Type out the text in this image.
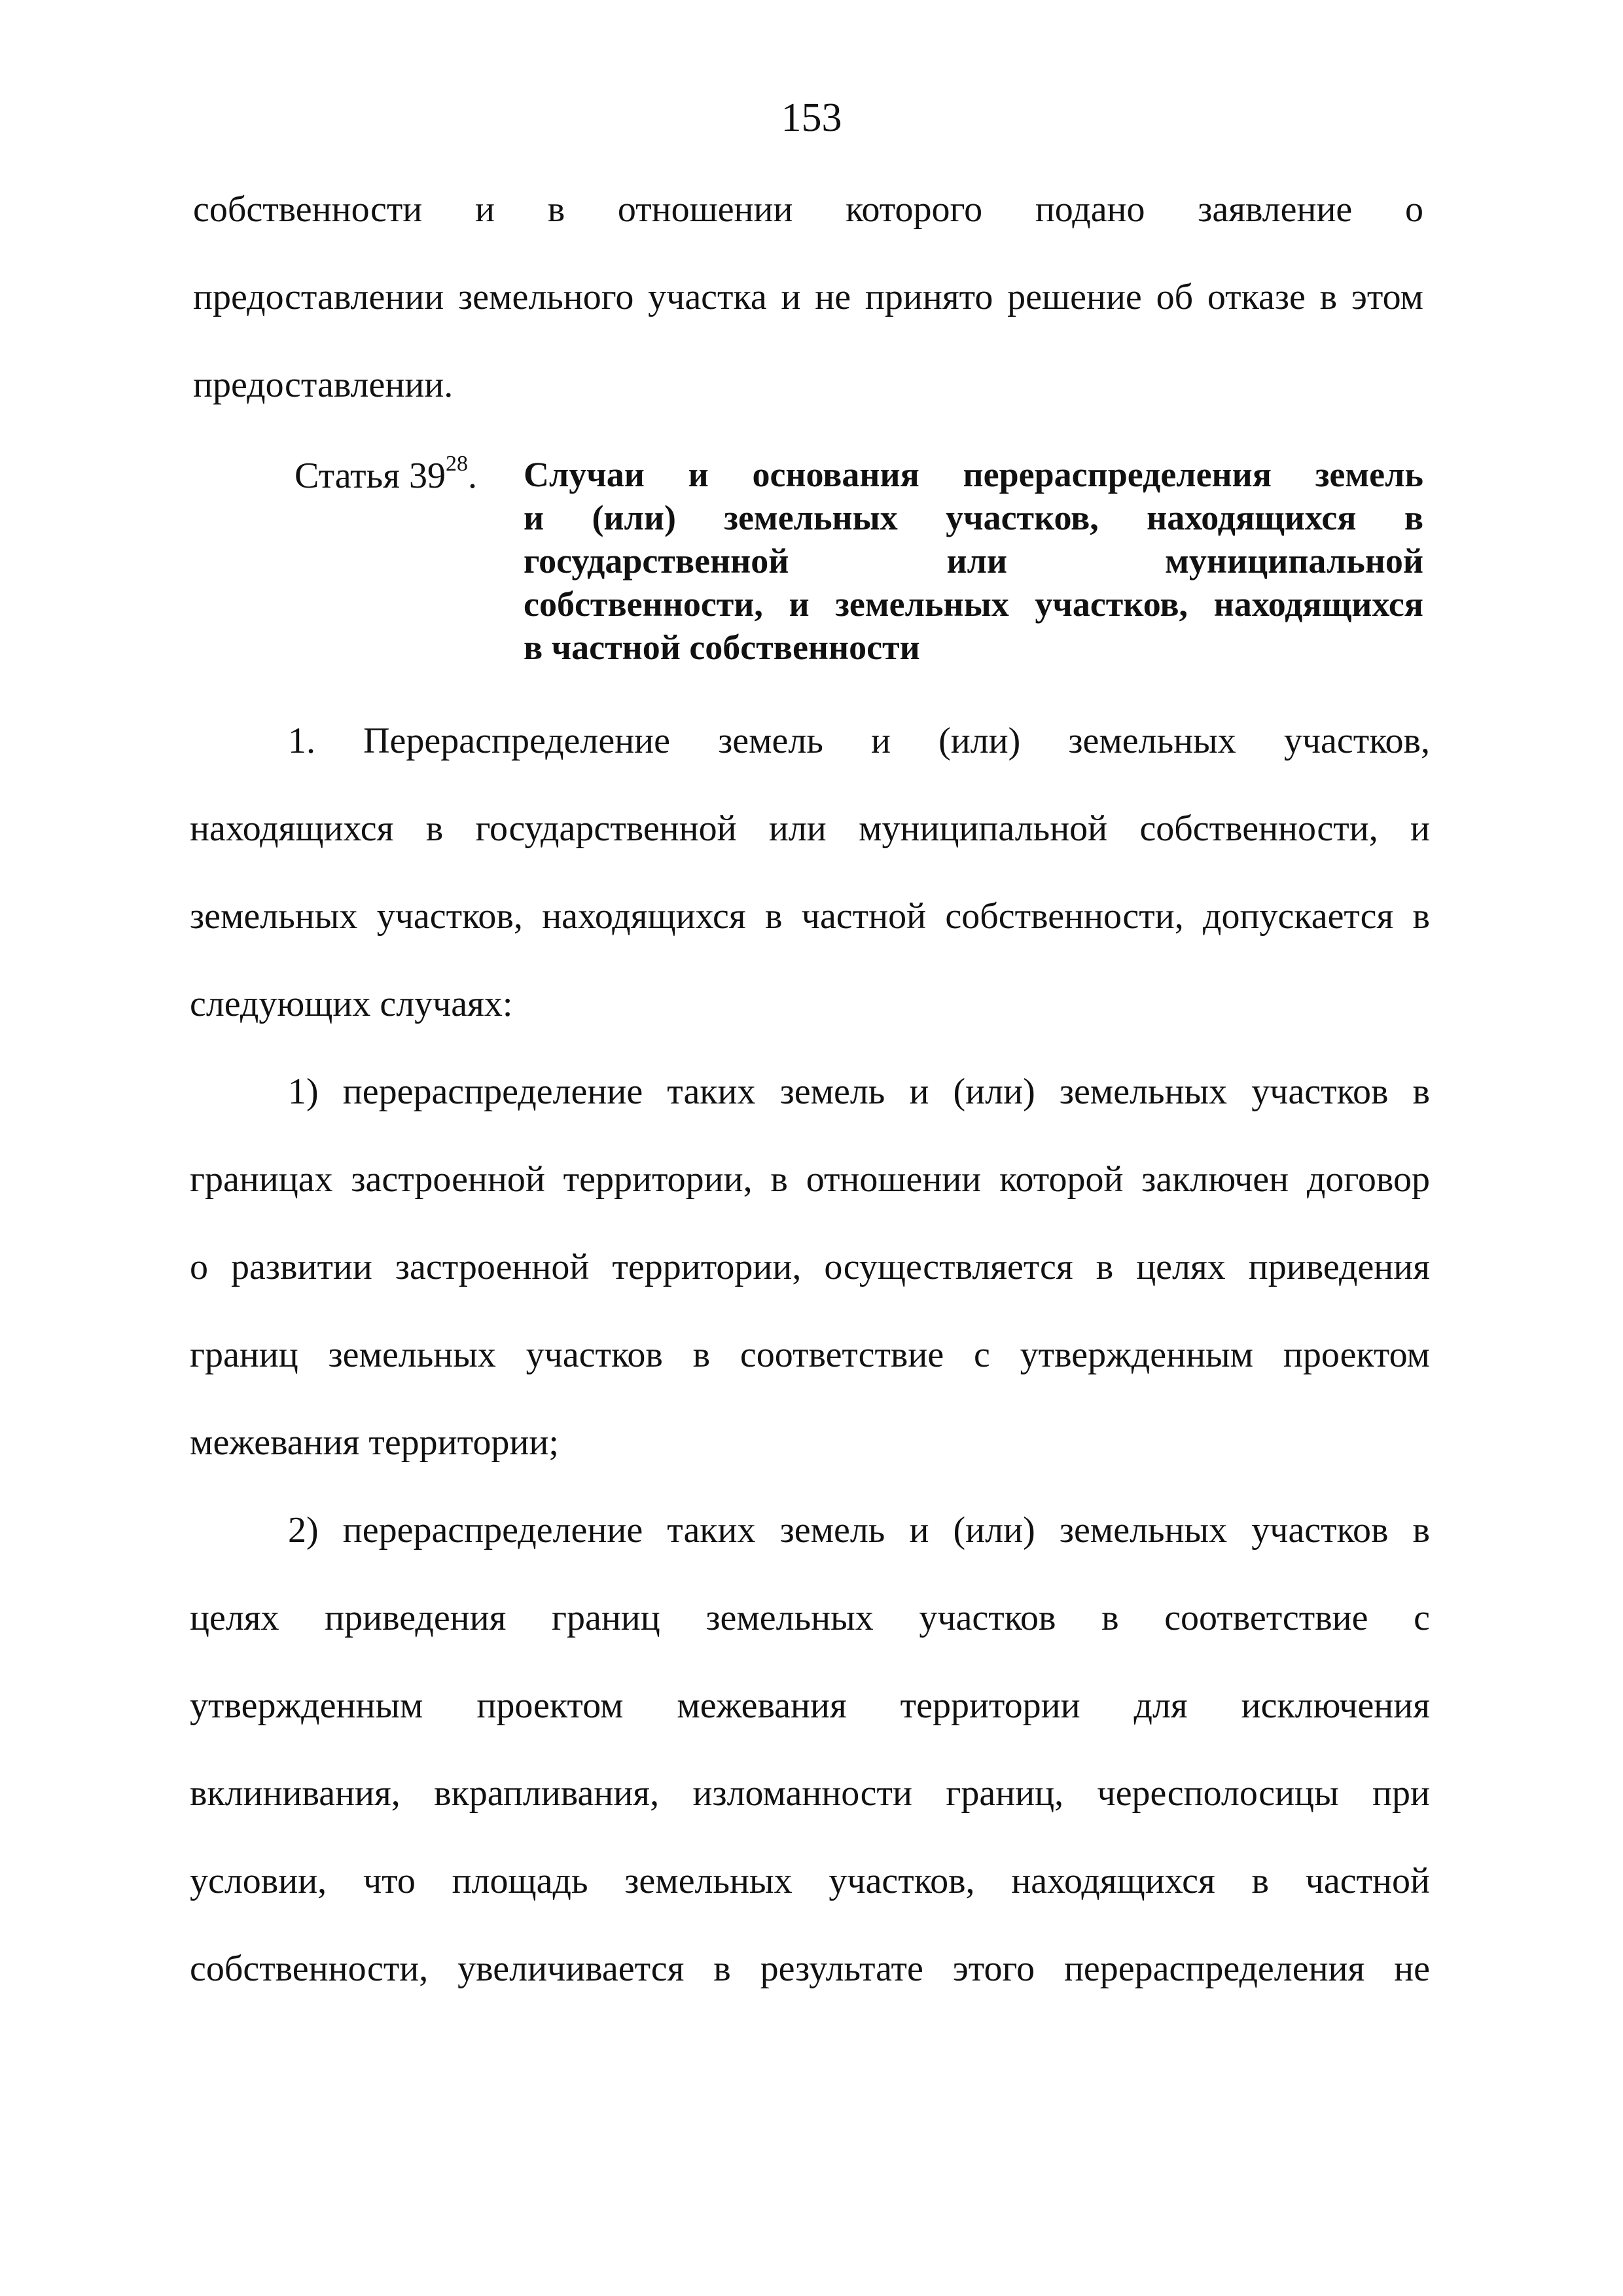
153
собственности и в отношении которого подано заявление о
предоставлении земельного участка и не принято решение об отказе в этом
предоставлении.
Статья $39^{28}$. Случаи и основания перераспределения земель
и (или) земельных участков, находящихся в
государственной или муниципальной
собственности, и земельных участков, находящихся
в частной собственности
1. Перераспределение земель и (или) земельных участков,
находящихся в государственной или муниципальной собственности, и
земельных участков, находящихся в частной собственности, допускается в
следующих случаях:
1) перераспределение таких земель и (или) земельных участков в
границах застроенной территории, в отношении которой заключен договор
о развитии застроенной территории, осуществляется в целях приведения
границ земельных участков в соответствие с утвержденным проектом
межевания территории;
2) перераспределение таких земель и (или) земельных участков в
целях приведения границ земельных участков в соответствие с
утвержденным проектом межевания территории для исключения
вклинивания, вкрапливания, изломанности границ, чересполосицы при
условии, что площадь земельных участков, находящихся в частной
собственности, увеличивается в результате этого перераспределения не
